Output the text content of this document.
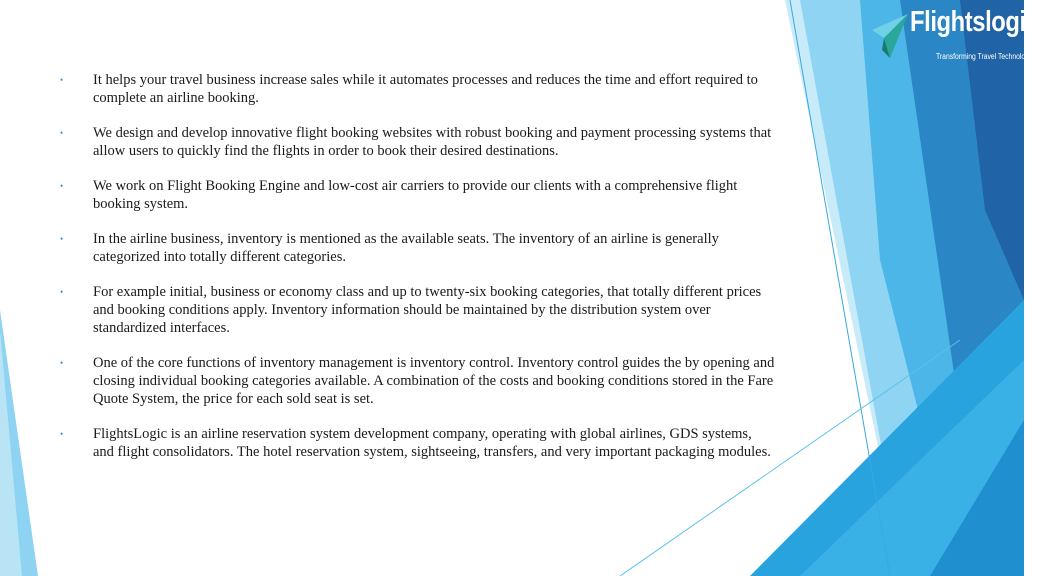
Flightslogic
Transforming Travel Technology
• It helps your travel business increase sales while it automates processes and reduces the time and effort required to complete an airline booking.
• We design and develop innovative flight booking websites with robust booking and payment processing systems that allow users to quickly find the flights in order to book their desired destinations.
• We work on Flight Booking Engine and low-cost air carriers to provide our clients with a comprehensive flight booking system.
• In the airline business, inventory is mentioned as the available seats. The inventory of an airline is generally categorized into totally different categories.
• For example initial, business or economy class and up to twenty-six booking categories, that totally different prices and booking conditions apply. Inventory information should be maintained by the distribution system over standardized interfaces.
• One of the core functions of inventory management is inventory control. Inventory control guides the by opening and closing individual booking categories available. A combination of the costs and booking conditions stored in the Fare Quote System, the price for each sold seat is set.
• FlightsLogic is an airline reservation system development company, operating with global airlines, GDS systems, and flight consolidators. The hotel reservation system, sightseeing, transfers, and very important packaging modules.
